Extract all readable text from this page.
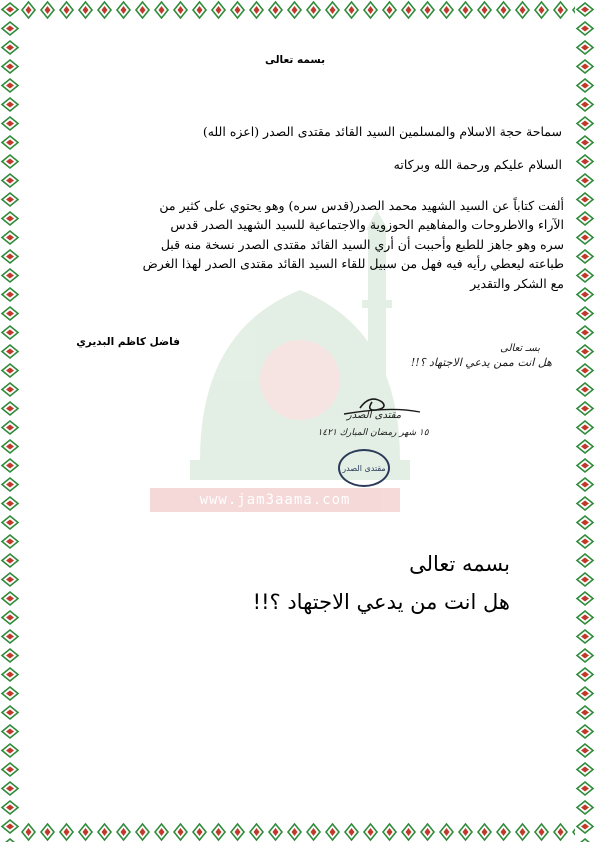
www.jam3aama.com
بسمه تعالى
سماحة حجة الاسلام والمسلمين السيد القائد مقتدى الصدر (اعزه الله)
السلام عليكم ورحمة الله وبركاته
ألفت كتاباً عن السيد الشهيد محمد الصدر(قدس سره) وهو يحتوي على كثير من
الآراء والاطروحات والمفاهيم الحوزوية والاجتماعية للسيد الشهيد الصدر قدس
سره وهو جاهز للطبع وأحببت أن أري السيد القائد مقتدى الصدر نسخة منه قبل
طباعته ليعطي رأيه فيه فهل من سبيل للقاء السيد القائد مقتدى الصدر لهذا الغرض
مع الشكر والتقدير
فاضل كاظم البديري
بسـ تعالى
هل انت ممن يدعي الاجتهاد ؟!!
مقتدى الصدر
١٥ شهر رمضان المبارك ١٤٢١
مقتدى الصدر
بسمه تعالى
هل انت من يدعي الاجتهاد ؟!!
